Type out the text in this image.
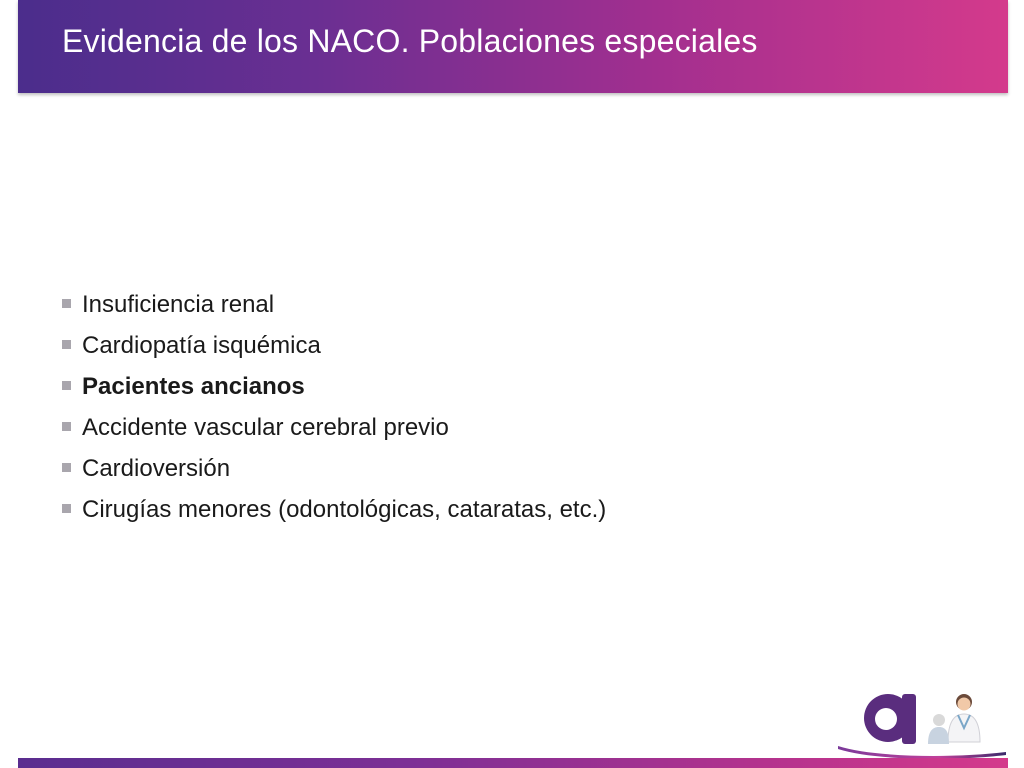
Evidencia de los NACO. Poblaciones especiales
Insuficiencia renal
Cardiopatía isquémica
Pacientes ancianos
Accidente vascular cerebral previo
Cardioversión
Cirugías menores (odontológicas, cataratas, etc.)
